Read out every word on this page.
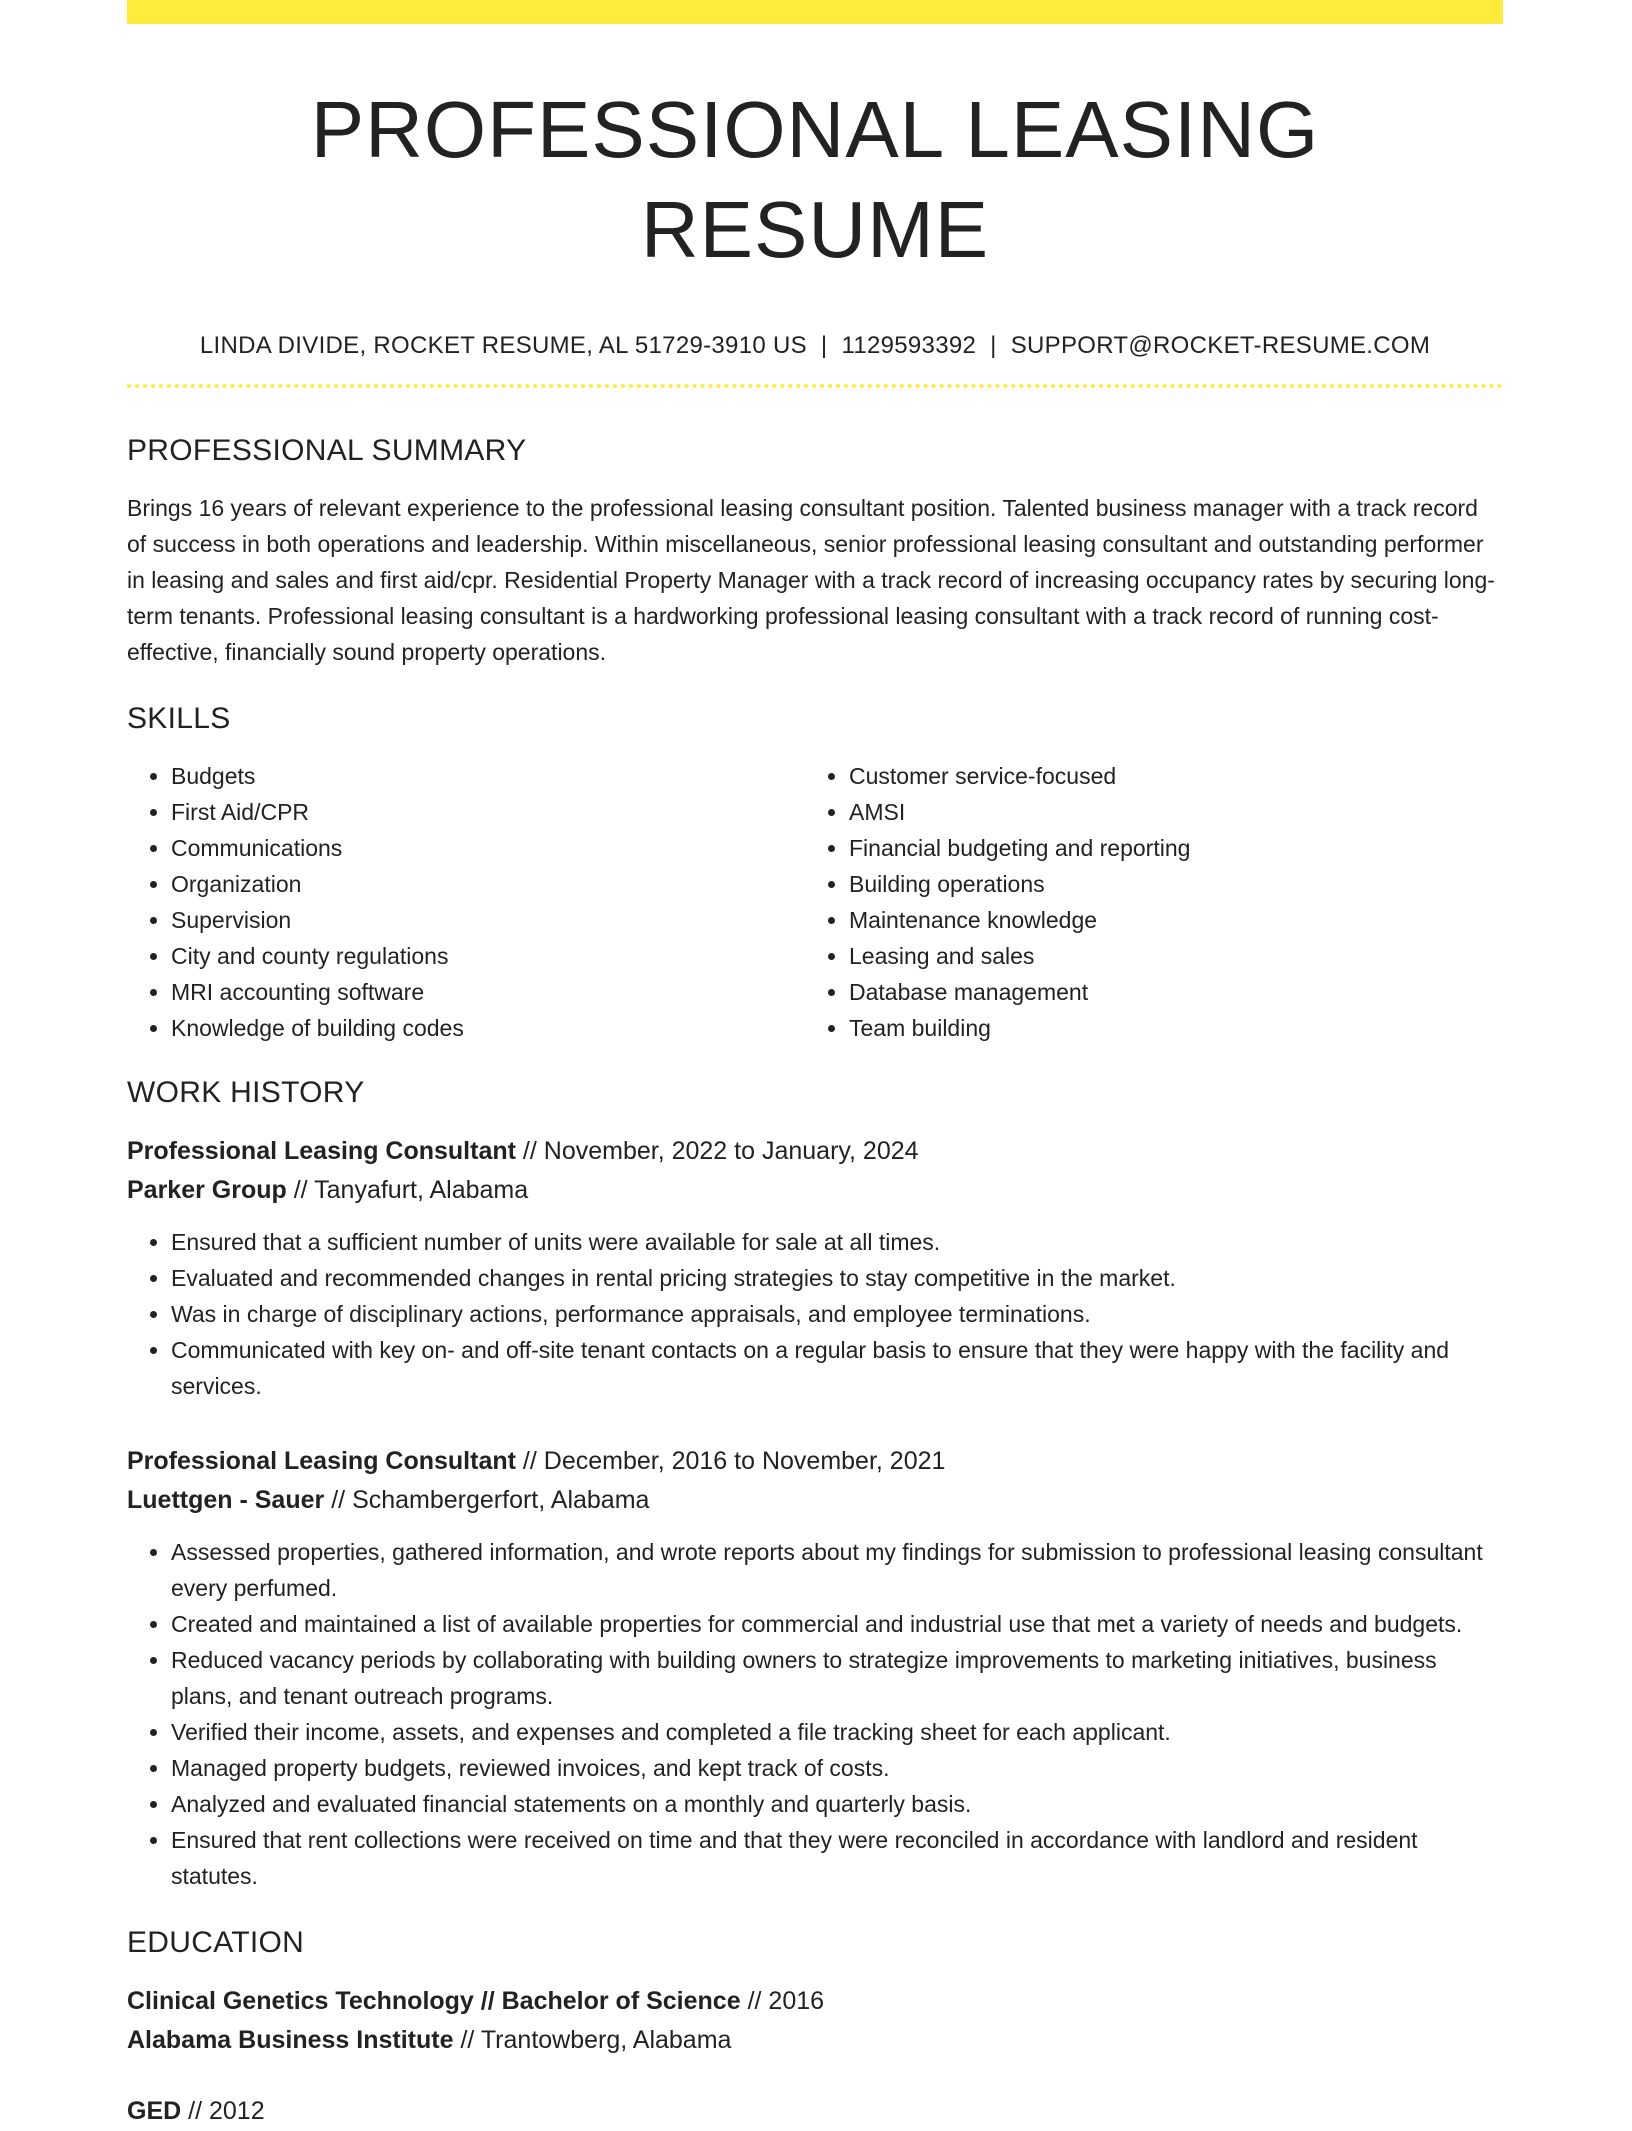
PROFESSIONAL LEASING RESUME
LINDA DIVIDE, ROCKET RESUME, AL 51729-3910 US | 1129593392 | SUPPORT@ROCKET-RESUME.COM
PROFESSIONAL SUMMARY

Brings 16 years of relevant experience to the professional leasing consultant position. Talented business manager with a track record of success in both operations and leadership. Within miscellaneous, senior professional leasing consultant and outstanding performer in leasing and sales and first aid/cpr. Residential Property Manager with a track record of increasing occupancy rates by securing long-term tenants. Professional leasing consultant is a hardworking professional leasing consultant with a track record of running cost-effective, financially sound property operations.

SKILLS
• Budgets
• First Aid/CPR
• Communications
• Organization
• Supervision
• City and county regulations
• MRI accounting software
• Knowledge of building codes
• Customer service-focused
• AMSI
• Financial budgeting and reporting
• Building operations
• Maintenance knowledge
• Leasing and sales
• Database management
• Team building
WORK HISTORY
Professional Leasing Consultant // November, 2022 to January, 2024
Parker Group // Tanyafurt, Alabama
• Ensured that a sufficient number of units were available for sale at all times.
• Evaluated and recommended changes in rental pricing strategies to stay competitive in the market.
• Was in charge of disciplinary actions, performance appraisals, and employee terminations.
• Communicated with key on- and off-site tenant contacts on a regular basis to ensure that they were happy with the facility and services.
Professional Leasing Consultant // December, 2016 to November, 2021
Luettgen - Sauer // Schambergerfort, Alabama
• Assessed properties, gathered information, and wrote reports about my findings for submission to professional leasing consultant every perfumed.
• Created and maintained a list of available properties for commercial and industrial use that met a variety of needs and budgets.
• Reduced vacancy periods by collaborating with building owners to strategize improvements to marketing initiatives, business plans, and tenant outreach programs.
• Verified their income, assets, and expenses and completed a file tracking sheet for each applicant.
• Managed property budgets, reviewed invoices, and kept track of costs.
• Analyzed and evaluated financial statements on a monthly and quarterly basis.
• Ensured that rent collections were received on time and that they were reconciled in accordance with landlord and resident statutes.
EDUCATION
Clinical Genetics Technology // Bachelor of Science // 2016
Alabama Business Institute // Trantowberg, Alabama
GED // 2012
